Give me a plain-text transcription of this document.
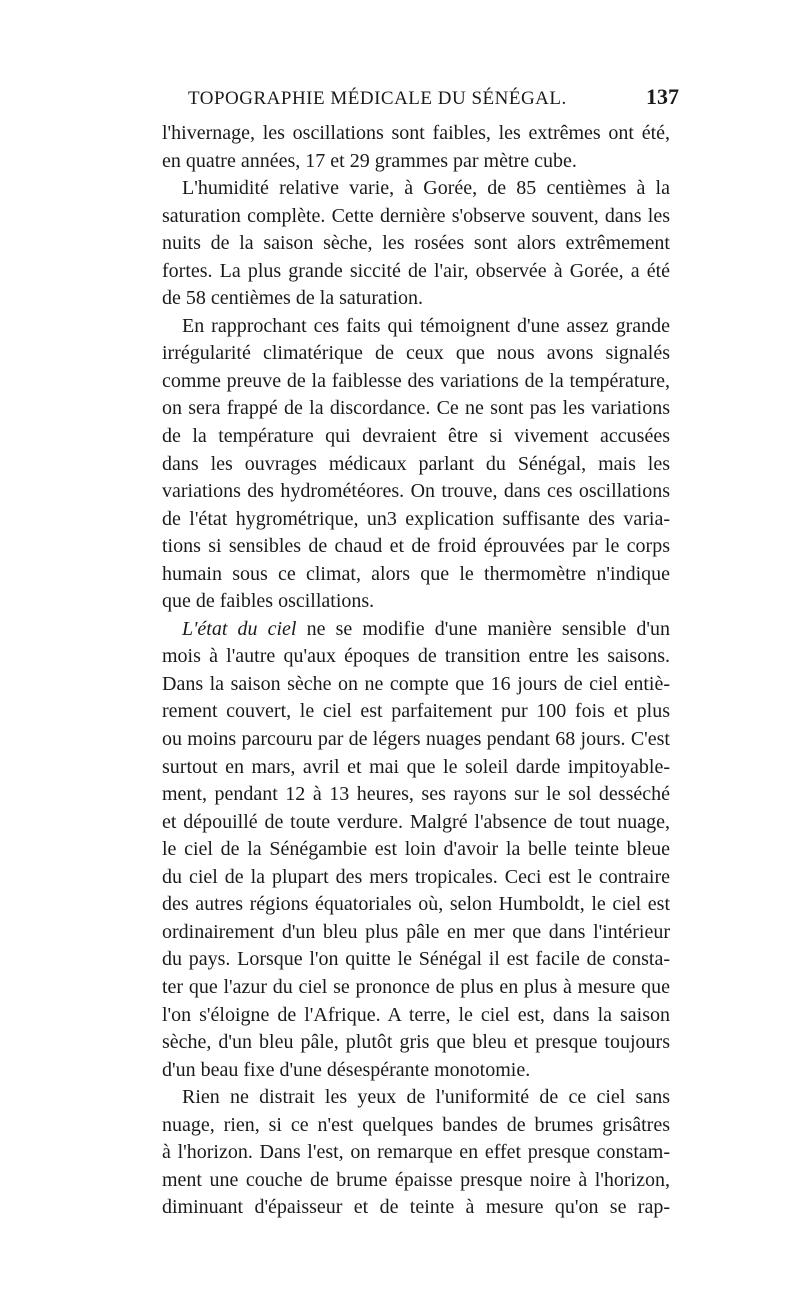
TOPOGRAPHIE MÉDICALE DU SÉNÉGAL.	137
l'hivernage, les oscillations sont faibles, les extrêmes ont été,
en quatre années, 17 et 29 grammes par mètre cube.
L'humidité relative varie, à Gorée, de 85 centièmes à la
saturation complète. Cette dernière s'observe souvent, dans les
nuits de la saison sèche, les rosées sont alors extrêmement
fortes. La plus grande siccité de l'air, observée à Gorée, a été
de 58 centièmes de la saturation.
En rapprochant ces faits qui témoignent d'une assez grande
irrégularité climatérique de ceux que nous avons signalés
comme preuve de la faiblesse des variations de la température,
on sera frappé de la discordance. Ce ne sont pas les variations
de la température qui devraient être si vivement accusées
dans les ouvrages médicaux parlant du Sénégal, mais les
variations des hydrométéores. On trouve, dans ces oscillations
de l'état hygrométrique, un3 explication suffisante des varia-
tions si sensibles de chaud et de froid éprouvées par le corps
humain sous ce climat, alors que le thermomètre n'indique
que de faibles oscillations.
L'état du ciel ne se modifie d'une manière sensible d'un
mois à l'autre qu'aux époques de transition entre les saisons.
Dans la saison sèche on ne compte que 16 jours de ciel entiè-
rement couvert, le ciel est parfaitement pur 100 fois et plus
ou moins parcouru par de légers nuages pendant 68 jours. C'est
surtout en mars, avril et mai que le soleil darde impitoyable-
ment, pendant 12 à 13 heures, ses rayons sur le sol desséché
et dépouillé de toute verdure. Malgré l'absence de tout nuage,
le ciel de la Sénégambie est loin d'avoir la belle teinte bleue
du ciel de la plupart des mers tropicales. Ceci est le contraire
des autres régions équatoriales où, selon Humboldt, le ciel est
ordinairement d'un bleu plus pâle en mer que dans l'intérieur
du pays. Lorsque l'on quitte le Sénégal il est facile de consta-
ter que l'azur du ciel se prononce de plus en plus à mesure que
l'on s'éloigne de l'Afrique. A terre, le ciel est, dans la saison
sèche, d'un bleu pâle, plutôt gris que bleu et presque toujours
d'un beau fixe d'une désespérante monotomie.
Rien ne distrait les yeux de l'uniformité de ce ciel sans
nuage, rien, si ce n'est quelques bandes de brumes grisâtres
à l'horizon. Dans l'est, on remarque en effet presque constam-
ment une couche de brume épaisse presque noire à l'horizon,
diminuant d'épaisseur et de teinte à mesure qu'on se rap-
